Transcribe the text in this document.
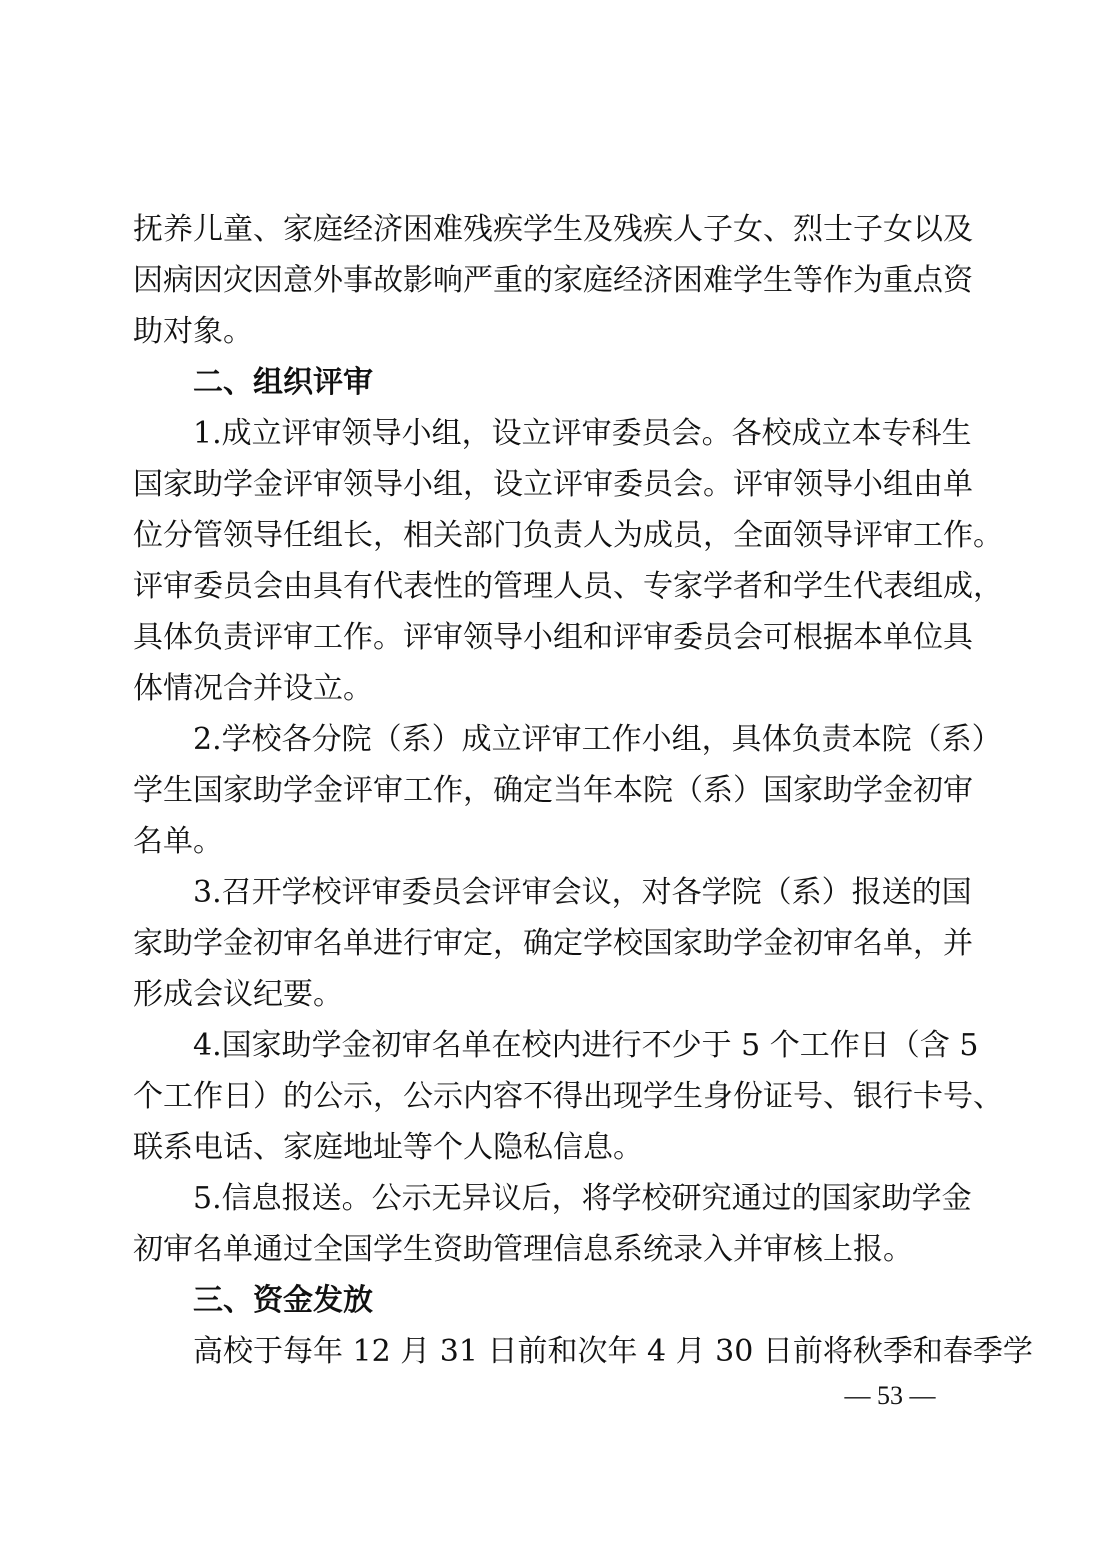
抚养儿童、家庭经济困难残疾学生及残疾人子女、烈士子女以及
因病因灾因意外事故影响严重的家庭经济困难学生等作为重点资
助对象。

二、组织评审

1.成立评审领导小组，设立评审委员会。各校成立本专科生
国家助学金评审领导小组，设立评审委员会。评审领导小组由单
位分管领导任组长，相关部门负责人为成员，全面领导评审工作。
评审委员会由具有代表性的管理人员、专家学者和学生代表组成，
具体负责评审工作。评审领导小组和评审委员会可根据本单位具
体情况合并设立。

2.学校各分院（系）成立评审工作小组，具体负责本院（系）
学生国家助学金评审工作，确定当年本院（系）国家助学金初审
名单。

3.召开学校评审委员会评审会议，对各学院（系）报送的国
家助学金初审名单进行审定，确定学校国家助学金初审名单，并
形成会议纪要。

4.国家助学金初审名单在校内进行不少于 5 个工作日（含 5
个工作日）的公示，公示内容不得出现学生身份证号、银行卡号、
联系电话、家庭地址等个人隐私信息。

5.信息报送。公示无异议后，将学校研究通过的国家助学金
初审名单通过全国学生资助管理信息系统录入并审核上报。

三、资金发放

高校于每年 12 月 31 日前和次年 4 月 30 日前将秋季和春季学

— 53 —
